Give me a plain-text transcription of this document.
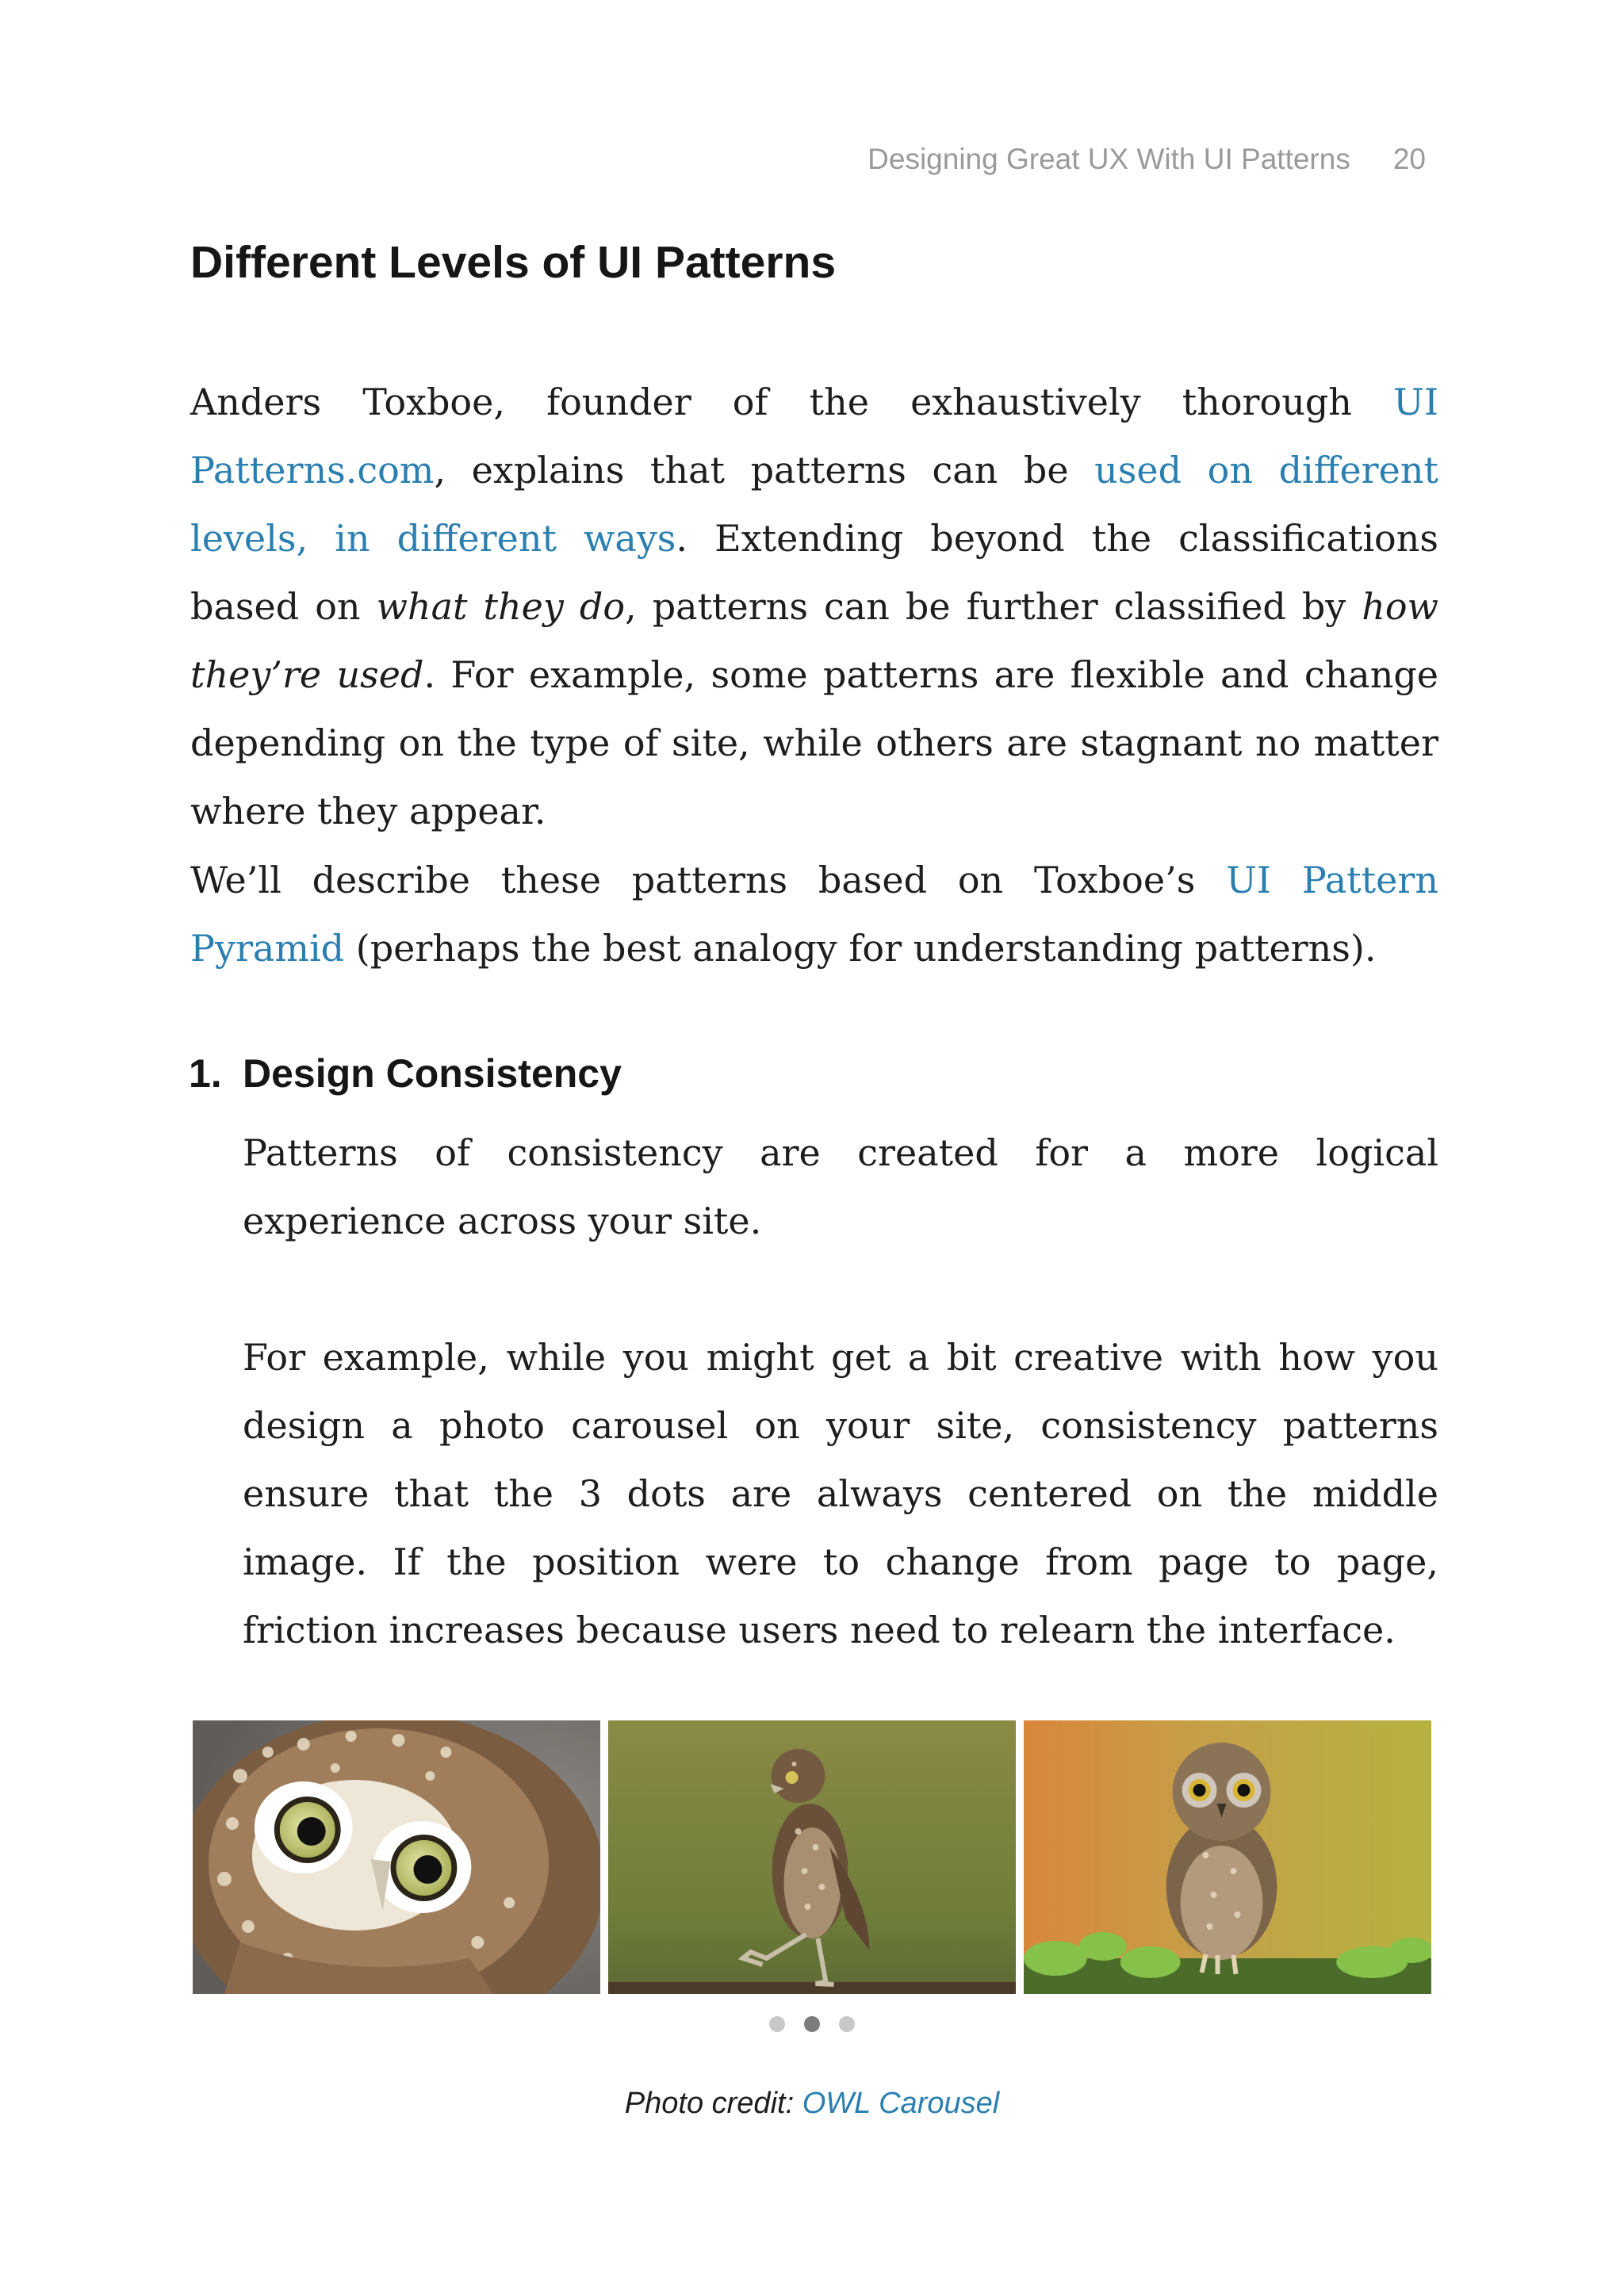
Designing Great UX With UI Patterns 20
Different Levels of UI Patterns

Anders Toxboe, founder of the exhaustively thorough UI Patterns.com, explains that patterns can be used on different levels, in different ways. Extending beyond the classifications based on what they do, patterns can be further classified by how they’re used. For example, some patterns are flexible and change depending on the type of site, while others are stagnant no matter where they appear.

We’ll describe these patterns based on Toxboe’s UI Pattern Pyramid (perhaps the best analogy for understanding patterns).

1. Design Consistency

Patterns of consistency are created for a more logical experience across your site.

For example, while you might get a bit creative with how you design a photo carousel on your site, consistency patterns ensure that the 3 dots are always centered on the middle image. If the position were to change from page to page, friction increases because users need to relearn the interface.

Photo credit: OWL Carousel
